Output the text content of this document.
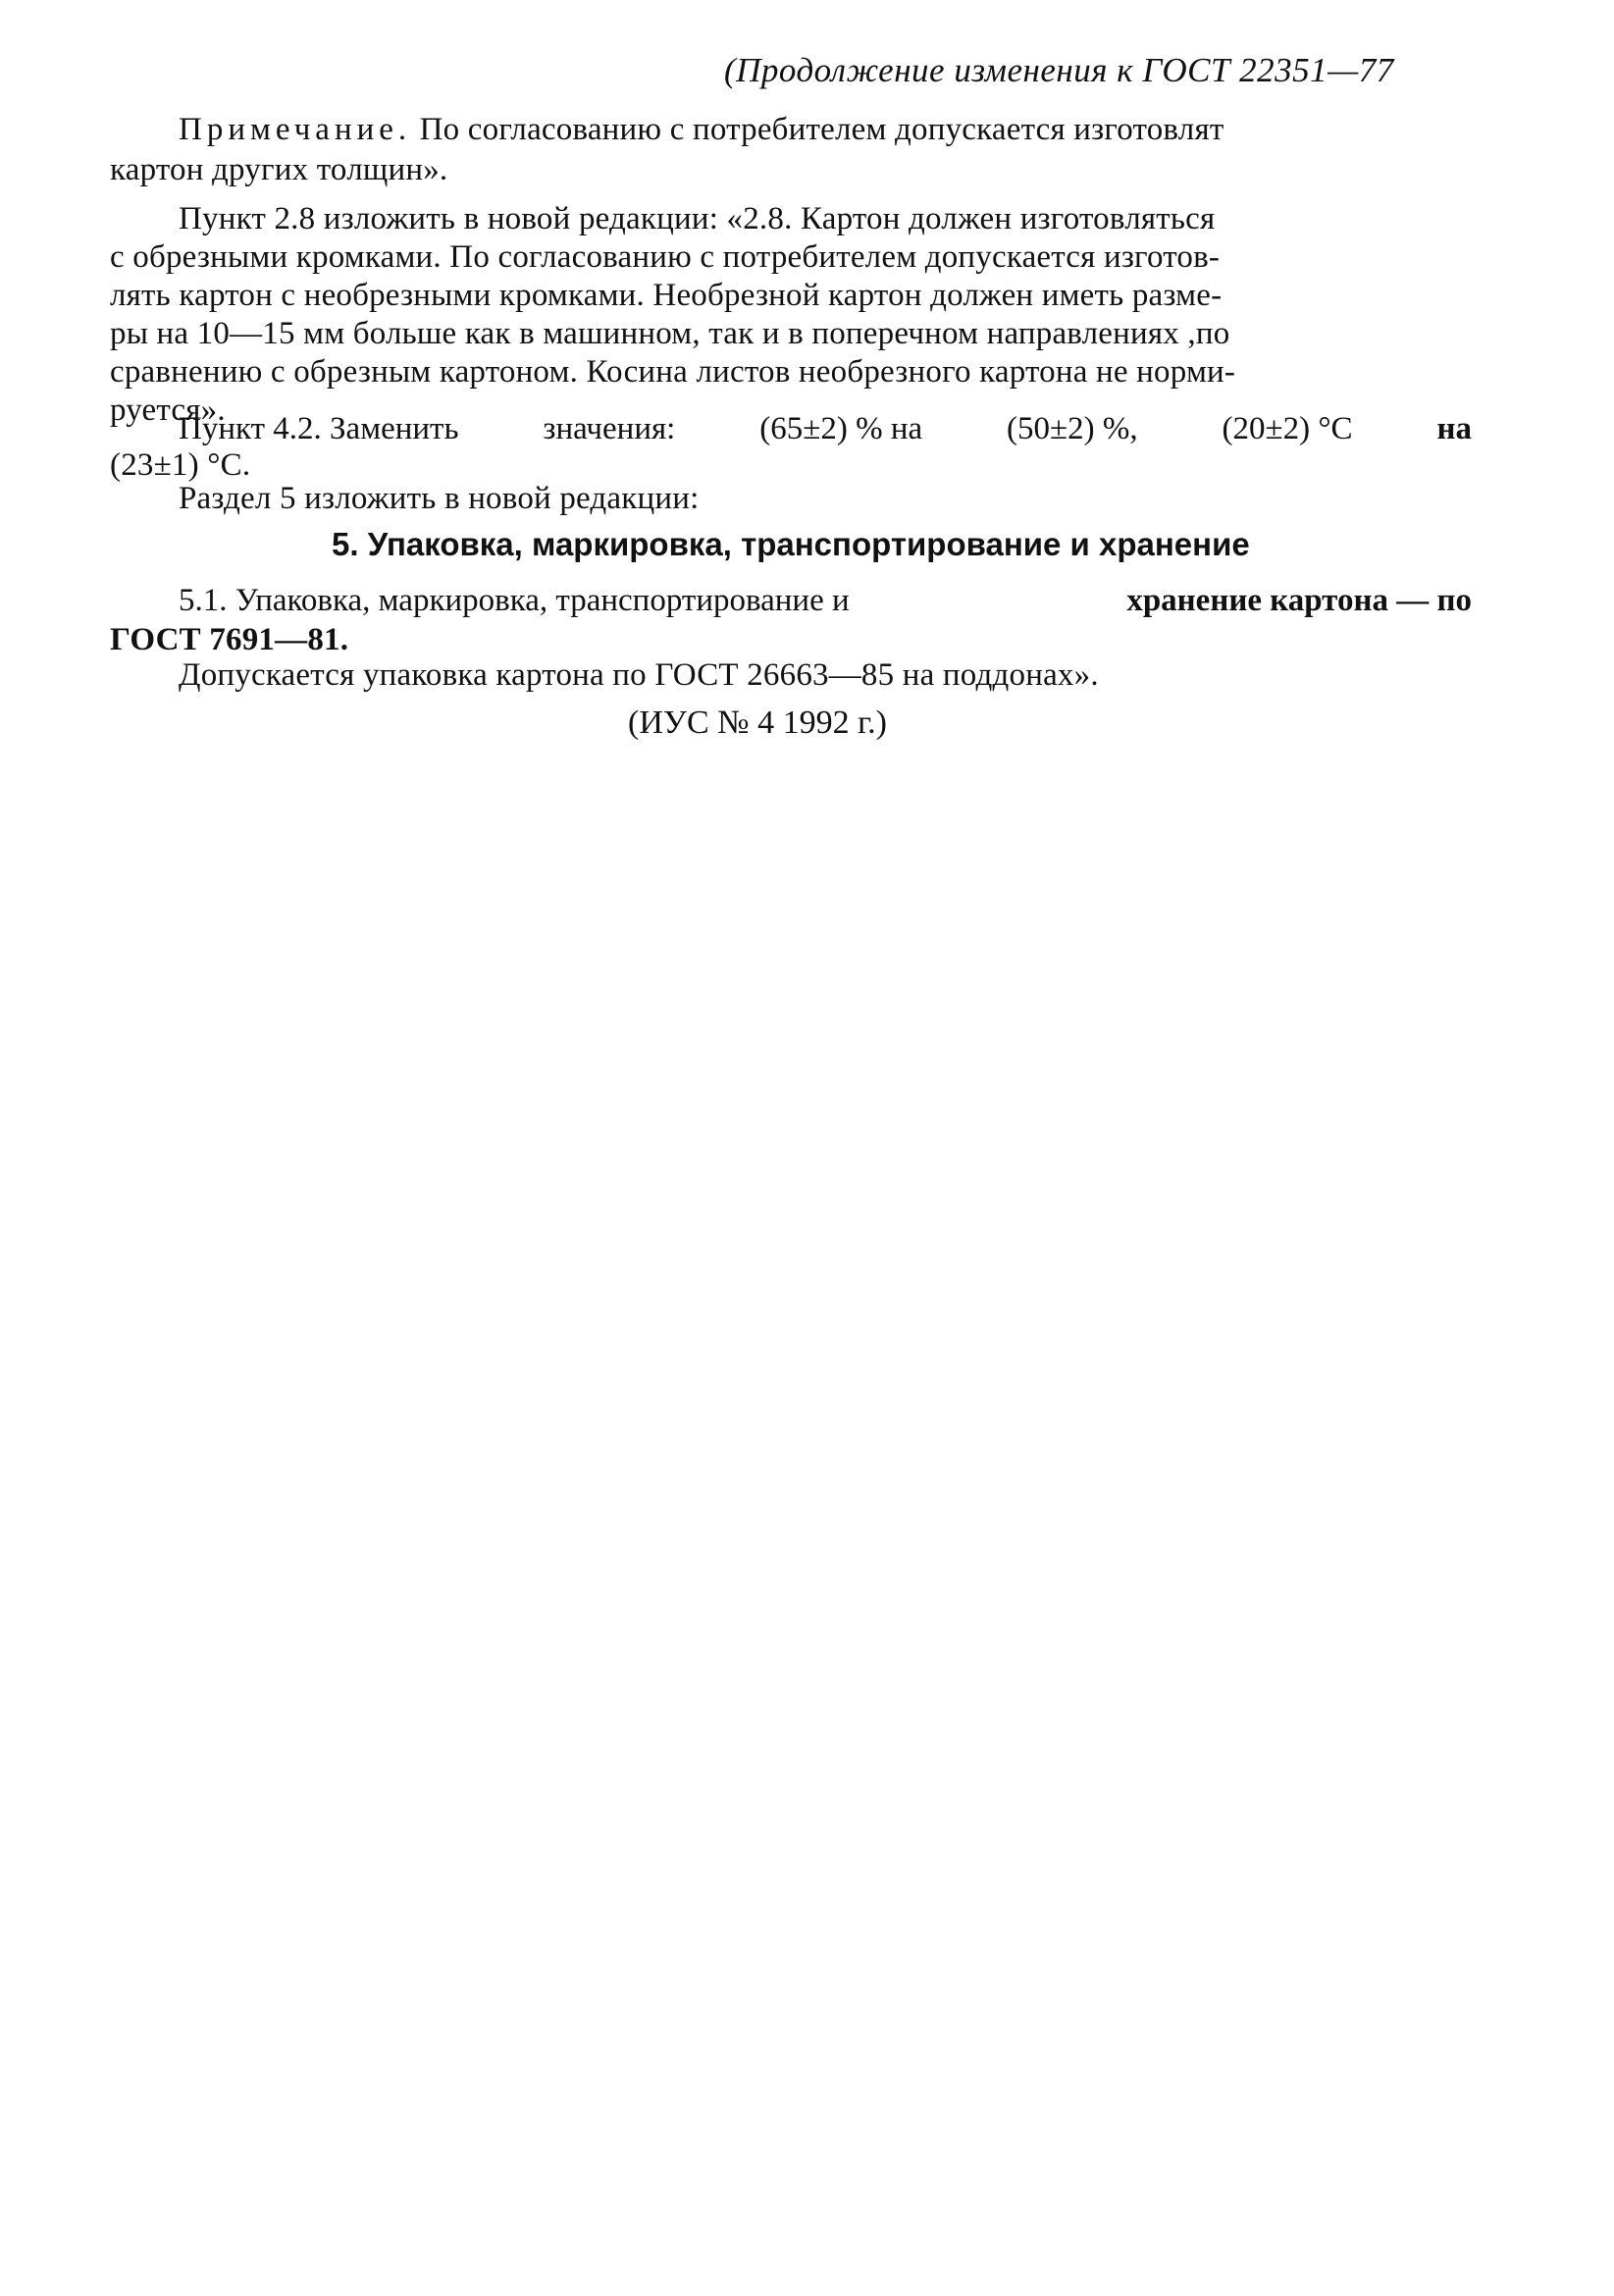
(Продолжение изменения к ГОСТ 22351—77
Примечание. По согласованию с потребителем допускается изготовлят
картон других толщин».
Пункт 2.8 изложить в новой редакции: «2.8. Картон должен изготовляться
с обрезными кромками. По согласованию с потребителем допускается изготов-
лять картон с необрезными кромками. Необрезной картон должен иметь разме-
ры на 10—15 мм больше как в машинном, так и в поперечном направлениях ,по
сравнению с обрезным картоном. Косина листов необрезного картона не норми-
руется».
Пункт 4.2. Заменить	значения:	(65±2) % на	(50±2) %,	(20±2) °С	на
(23±1) °С.
Раздел 5 изложить в новой редакции:
5. Упаковка, маркировка, транспортирование и хранение
5.1. Упаковка, маркировка, транспортирование и	хранение картона — по
ГОСТ 7691—81.
Допускается упаковка картона по ГОСТ 26663—85 на поддонах».
(ИУС № 4 1992 г.)
